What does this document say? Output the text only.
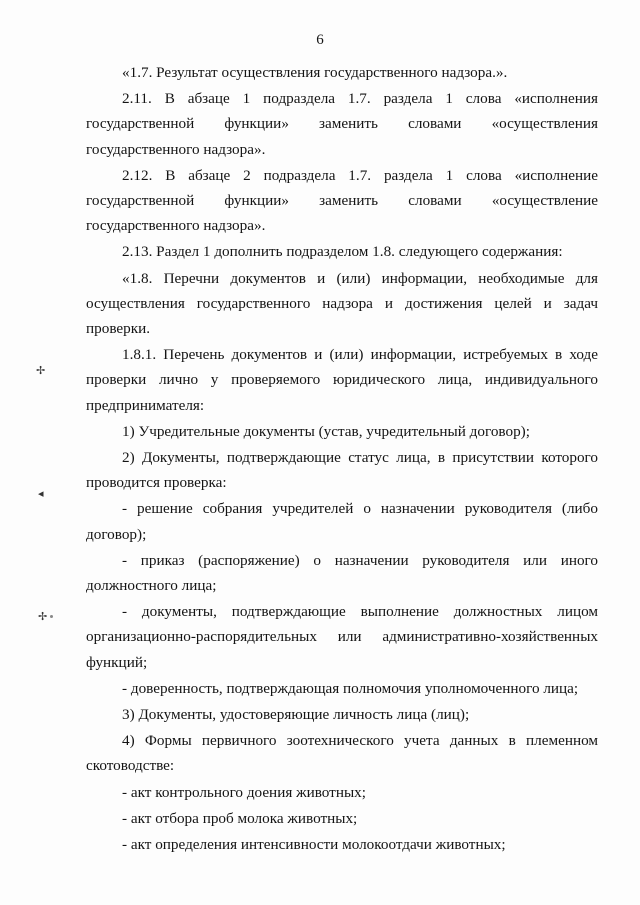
6

«1.7. Результат осуществления государственного надзора.».

2.11. В абзаце 1 подраздела 1.7. раздела 1 слова «исполнения государственной функции» заменить словами «осуществления государственного надзора».

2.12. В абзаце 2 подраздела 1.7. раздела 1 слова «исполнение государственной функции» заменить словами «осуществление государственного надзора».

2.13. Раздел 1 дополнить подразделом 1.8. следующего содержания:

«1.8. Перечни документов и (или) информации, необходимые для осуществления государственного надзора и достижения целей и задач проверки.

1.8.1. Перечень документов и (или) информации, истребуемых в ходе проверки лично у проверяемого юридического лица, индивидуального предпринимателя:

1) Учредительные документы (устав, учредительный договор);

2) Документы, подтверждающие статус лица, в присутствии которого проводится проверка:

- решение собрания учредителей о назначении руководителя (либо договор);

- приказ (распоряжение) о назначении руководителя или иного должностного лица;

- документы, подтверждающие выполнение должностных лицом организационно-распорядительных или административно-хозяйственных функций;

- доверенность, подтверждающая полномочия уполномоченного лица;

3) Документы, удостоверяющие личность лица (лиц);

4) Формы первичного зоотехнического учета данных в племенном скотоводстве:

- акт контрольного доения животных;

- акт отбора проб молока животных;

- акт определения интенсивности молокоотдачи животных;

✢
◂
✢
